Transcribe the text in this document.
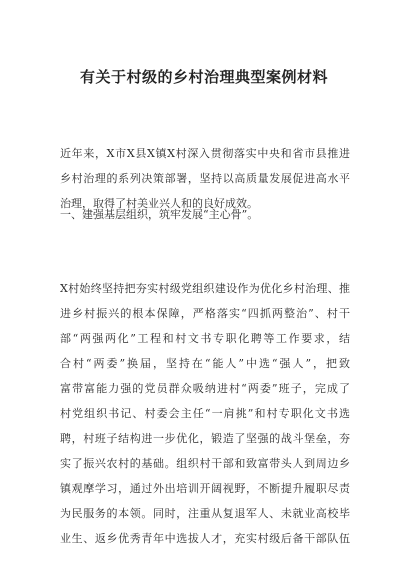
有关于村级的乡村治理典型案例材料
近年来，X市X县X镇X村深入贯彻落实中央和省市县推进
乡村治理的系列决策部署，坚持以高质量发展促进高水平
治理，取得了村美业兴人和的良好成效。
一、建强基层组织，筑牢发展“主心骨”。
X村始终坚持把夯实村级党组织建设作为优化乡村治理、推
进乡村振兴的根本保障，严格落实“四抓两整治”、村干
部“两强两化”工程和村文书专职化聘等工作要求，结
合村“两委”换届，坚持在“能人”中选“强人”，把致
富带富能力强的党员群众吸纳进村“两委”班子，完成了
村党组织书记、村委会主任“一肩挑”和村专职化文书选
聘，村班子结构进一步优化，锻造了坚强的战斗堡垒，夯
实了振兴农村的基础。组织村干部和致富带头人到周边乡
镇观摩学习，通过外出培训开阔视野，不断提升履职尽责
为民服务的本领。同时，注重从复退军人、未就业高校毕
业生、返乡优秀青年中选拔人才，充实村级后备干部队伍
